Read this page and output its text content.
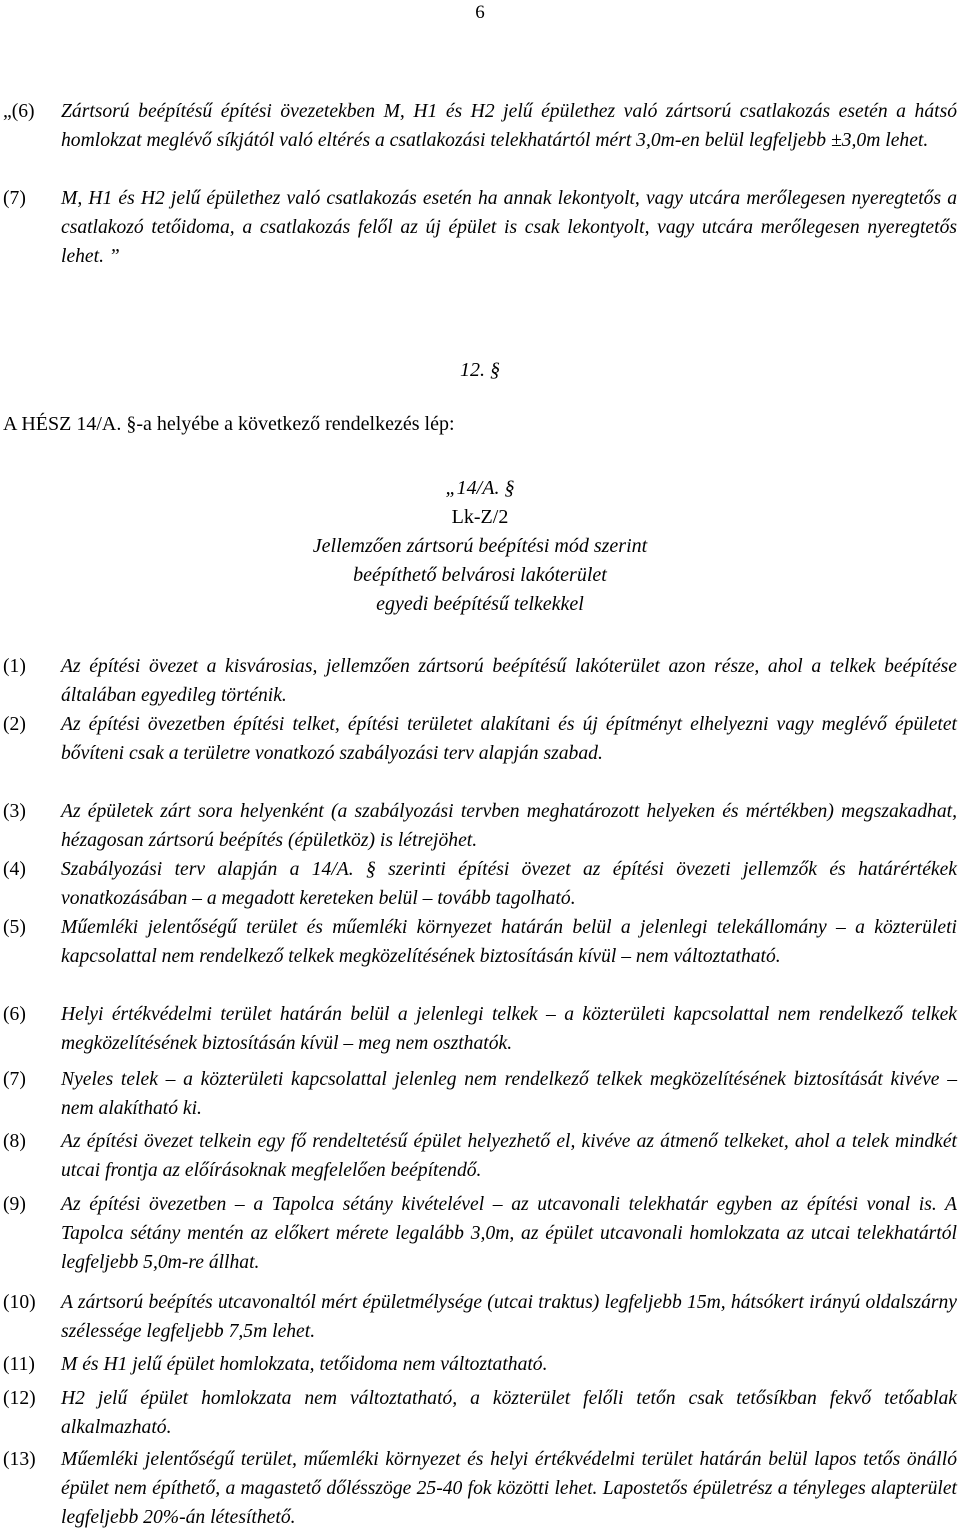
6
„(6) Zártsorú beépítésű építési övezetekben M, H1 és H2 jelű épülethez való zártsorú csatlakozás esetén a hátsó homlokzat meglévő síkjától való eltérés a csatlakozási telekhatártól mért 3,0m-en belül legfeljebb ±3,0m lehet.
(7) M, H1 és H2 jelű épülethez való csatlakozás esetén ha annak lekontyolt, vagy utcára merőlegesen nyeregtetős a csatlakozó tetőidoma, a csatlakozás felől az új épület is csak lekontyolt, vagy utcára merőlegesen nyeregtetős lehet. ”
12. §
A HÉSZ 14/A. §-a helyébe a következő rendelkezés lép:
„14/A. §
Lk-Z/2
Jellemzően zártsorú beépítési mód szerint
beépíthető belvárosi lakóterület
egyedi beépítésű telkekkel
(1) Az építési övezet a kisvárosias, jellemzően zártsorú beépítésű lakóterület azon része, ahol a telkek beépítése általában egyedileg történik.
(2) Az építési övezetben építési telket, építési területet alakítani és új építményt elhelyezni vagy meglévő épületet bővíteni csak a területre vonatkozó szabályozási terv alapján szabad.
(3) Az épületek zárt sora helyenként (a szabályozási tervben meghatározott helyeken és mértékben) megszakadhat, hézagosan zártsorú beépítés (épületköz) is létrejöhet.
(4) Szabályozási terv alapján a 14/A. § szerinti építési övezet az építési övezeti jellemzők és határértékek vonatkozásában – a megadott kereteken belül – tovább tagolható.
(5) Műemléki jelentőségű terület és műemléki környezet határán belül a jelenlegi telekállomány – a közterületi kapcsolattal nem rendelkező telkek megközelítésének biztosításán kívül – nem változtatható.
(6) Helyi értékvédelmi terület határán belül a jelenlegi telkek – a közterületi kapcsolattal nem rendelkező telkek megközelítésének biztosításán kívül – meg nem oszthatók.
(7) Nyeles telek – a közterületi kapcsolattal jelenleg nem rendelkező telkek megközelítésének biztosítását kivéve – nem alakítható ki.
(8) Az építési övezet telkein egy fő rendeltetésű épület helyezhető el, kivéve az átmenő telkeket, ahol a telek mindkét utcai frontja az előírásoknak megfelelően beépítendő.
(9) Az építési övezetben – a Tapolca sétány kivételével – az utcavonali telekhatár egyben az építési vonal is. A Tapolca sétány mentén az előkert mérete legalább 3,0m, az épület utcavonali homlokzata az utcai telekhatártól legfeljebb 5,0m-re állhat.
(10) A zártsorú beépítés utcavonaltól mért épületmélysége (utcai traktus) legfeljebb 15m, hátsókert irányú oldalszárny szélessége legfeljebb 7,5m lehet.
(11) M és H1 jelű épület homlokzata, tetőidoma nem változtatható.
(12) H2 jelű épület homlokzata nem változtatható, a közterület felőli tetőn csak tetősíkban fekvő tetőablak alkalmazható.
(13) Műemléki jelentőségű terület, műemléki környezet és helyi értékvédelmi terület határán belül lapos tetős önálló épület nem építhető, a magastető dőlésszöge 25-40 fok közötti lehet. Lapostetős épületrész a tényleges alapterület legfeljebb 20%-án létesíthető.
